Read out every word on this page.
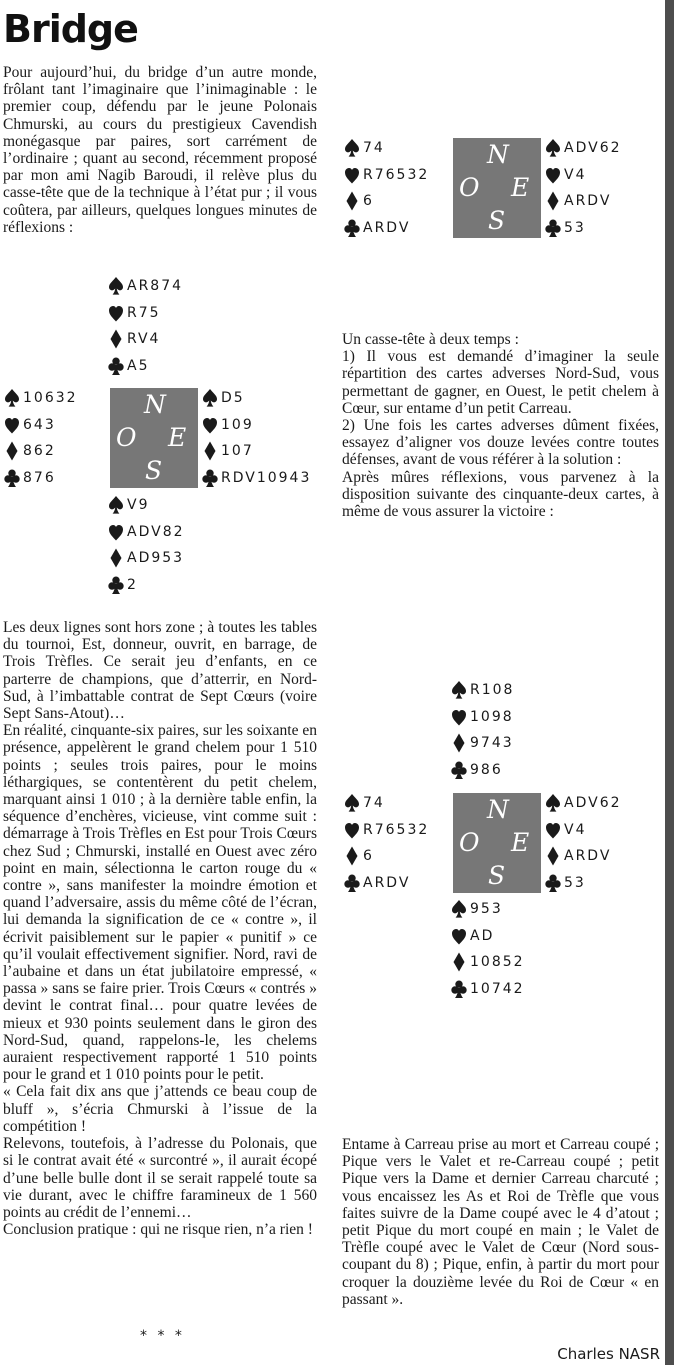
Bridge

Pour aujourd’hui, du bridge d’un autre monde, frôlant tant l’imaginaire que l’inimaginable : le premier coup, défendu par le jeune Polonais Chmurski, au cours du prestigieux Cavendish monégasque par paires, sort carrément de l’ordinaire ; quant au second, récemment proposé par mon ami Nagib Baroudi, il relève plus du casse-tête que de la technique à l’état pur ; il vous coûtera, par ailleurs, quelques longues minutes de réflexions :

AR874
R75
RV4
A5
10632
643
862
876
N
O E
S
D5
109
107
RDV10943
V9
ADV82
AD953
2

Les deux lignes sont hors zone ; à toutes les tables du tournoi, Est, donneur, ouvrit, en barrage, de Trois Trèfles. Ce serait jeu d’enfants, en ce parterre de champions, que d’atterrir, en Nord-Sud, à l’imbattable contrat de Sept Cœurs (voire Sept Sans-Atout)…

En réalité, cinquante-six paires, sur les soixante en présence, appelèrent le grand chelem pour 1 510 points ; seules trois paires, pour le moins léthargiques, se contentèrent du petit chelem, marquant ainsi 1 010 ; à la dernière table enfin, la séquence d’enchères, vicieuse, vint comme suit : démarrage à Trois Trèfles en Est pour Trois Cœurs chez Sud ; Chmurski, installé en Ouest avec zéro point en main, sélectionna le carton rouge du « contre », sans manifester la moindre émotion et quand l’adversaire, assis du même côté de l’écran, lui demanda la signification de ce « contre », il écrivit paisiblement sur le papier « punitif » ce qu’il voulait effectivement signifier. Nord, ravi de l’aubaine et dans un état jubilatoire empressé, « passa » sans se faire prier. Trois Cœurs « contrés » devint le contrat final… pour quatre levées de mieux et 930 points seulement dans le giron des Nord-Sud, quand, rappelons-le, les chelems auraient respectivement rapporté 1 510 points pour le grand et 1 010 points pour le petit.

« Cela fait dix ans que j’attends ce beau coup de bluff », s’écria Chmurski à l’issue de la compétition !

Relevons, toutefois, à l’adresse du Polonais, que si le contrat avait été « surcontré », il aurait écopé d’une belle bulle dont il se serait rappelé toute sa vie durant, avec le chiffre faramineux de 1 560 points au crédit de l’ennemi…

Conclusion pratique : qui ne risque rien, n’a rien !

* * *
74
R76532
6
ARDV
N
O E
S
ADV62
V4
ARDV
53

Un casse-tête à deux temps :

1) Il vous est demandé d’imaginer la seule répartition des cartes adverses Nord-Sud, vous permettant de gagner, en Ouest, le petit chelem à Cœur, sur entame d’un petit Carreau.

2) Une fois les cartes adverses dûment fixées, essayez d’aligner vos douze levées contre toutes défenses, avant de vous référer à la solution :

Après mûres réflexions, vous parvenez à la disposition suivante des cinquante-deux cartes, à même de vous assurer la victoire :

R108
1098
9743
986
74
R76532
6
ARDV
N
O E
S
ADV62
V4
ARDV
53
953
AD
10852
10742

Entame à Carreau prise au mort et Carreau coupé ; Pique vers le Valet et re-Carreau coupé ; petit Pique vers la Dame et dernier Carreau charcuté ; vous encaissez les As et Roi de Trèfle que vous faites suivre de la Dame coupé avec le 4 d’atout ; petit Pique du mort coupé en main ; le Valet de Trèfle coupé avec le Valet de Cœur (Nord sous-coupant du 8) ; Pique, enfin, à partir du mort pour croquer la douzième levée du Roi de Cœur « en passant ».

Charles NASR
